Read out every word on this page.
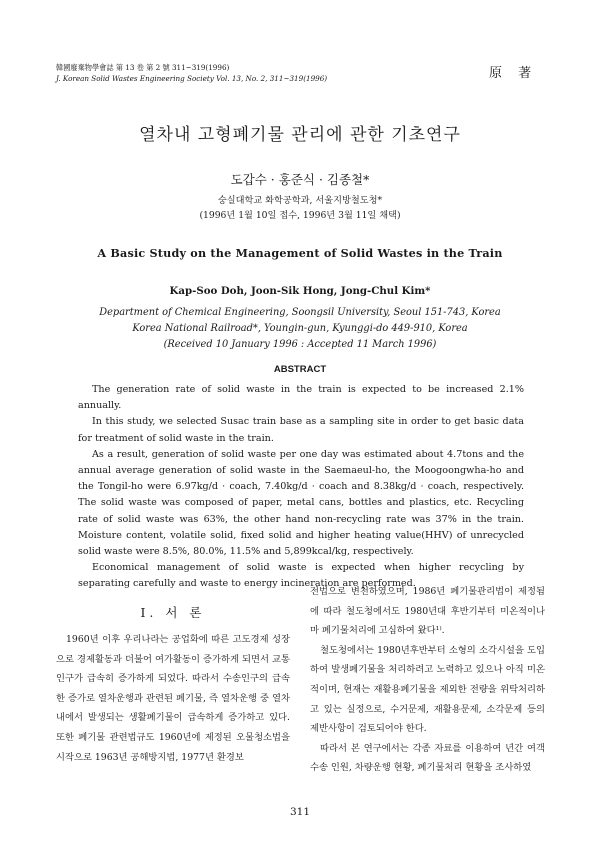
韓國廢棄物學會誌 第 13 卷 第 2 號 311~319(1996)
J. Korean Solid Wastes Engineering Society Vol. 13, No. 2, 311~319(1996)	原 著
열차내 고형폐기물 관리에 관한 기초연구
도갑수 · 홍준식 · 김종철*
숭실대학교 화학공학과, 서울지방철도청*
(1996년 1월 10일 접수, 1996년 3월 11일 채택)
A Basic Study on the Management of Solid Wastes in the Train
Kap-Soo Doh, Joon-Sik Hong, Jong-Chul Kim*
Department of Chemical Engineering, Soongsil University, Seoul 151-743, Korea
Korea National Railroad*, Youngin-gun, Kyunggi-do 449-910, Korea
(Received 10 January 1996 : Accepted 11 March 1996)
ABSTRACT

The generation rate of solid waste in the train is expected to be increased 2.1% annually.

In this study, we selected Susac train base as a sampling site in order to get basic data for treatment of solid waste in the train.

As a result, generation of solid waste per one day was estimated about 4.7tons and the annual average generation of solid waste in the Saemaeul-ho, the Moogoongwha-ho and the Tongil-ho were 6.97kg/d · coach, 7.40kg/d · coach and 8.38kg/d · coach, respectively. The solid waste was composed of paper, metal cans, bottles and plastics, etc. Recycling rate of solid waste was 63%, the other hand non-recycling rate was 37% in the train. Moisture content, volatile solid, fixed solid and higher heating value(HHV) of unrecycled solid waste were 8.5%, 80.0%, 11.5% and 5,899kcal/kg, respectively.

Economical management of solid waste is expected when higher recycling by separating carefully and waste to energy incineration are performed.

Ⅰ. 서 론

1960년 이후 우리나라는 공업화에 따른 고도경제 성장으로 경제활동과 더불어 여가활동이 증가하게 되면서 교통인구가 급속히 증가하게 되었다. 따라서 수송인구의 급속한 증가로 열차운행과 관련된 폐기물, 즉 열차운행 중 열차내에서 발생되는 생활폐기물이 급속하게 증가하고 있다. 또한 폐기물 관련법규도 1960년에 제정된 오물청소법을 시작으로 1963년 공해방지법, 1977년 환경보

전법으로 변천하였으며, 1986년 폐기물관리법이 제정됨에 따라 철도청에서도 1980년대 후반기부터 미온적이나마 폐기물처리에 고심하여 왔다¹⁾.

철도청에서는 1980년후반부터 소형의 소각시설을 도입하여 발생폐기물을 처리하려고 노력하고 있으나 아직 미온적이며, 현재는 재활용폐기물을 제외한 전량을 위탁처리하고 있는 실정으로, 수거문제, 재활용문제, 소각문제 등의 제반사항이 검토되어야 한다.

따라서 본 연구에서는 각종 자료를 이용하여 년간 여객 수송 인원, 차량운행 현황, 폐기물처리 현황을 조사하였

311
